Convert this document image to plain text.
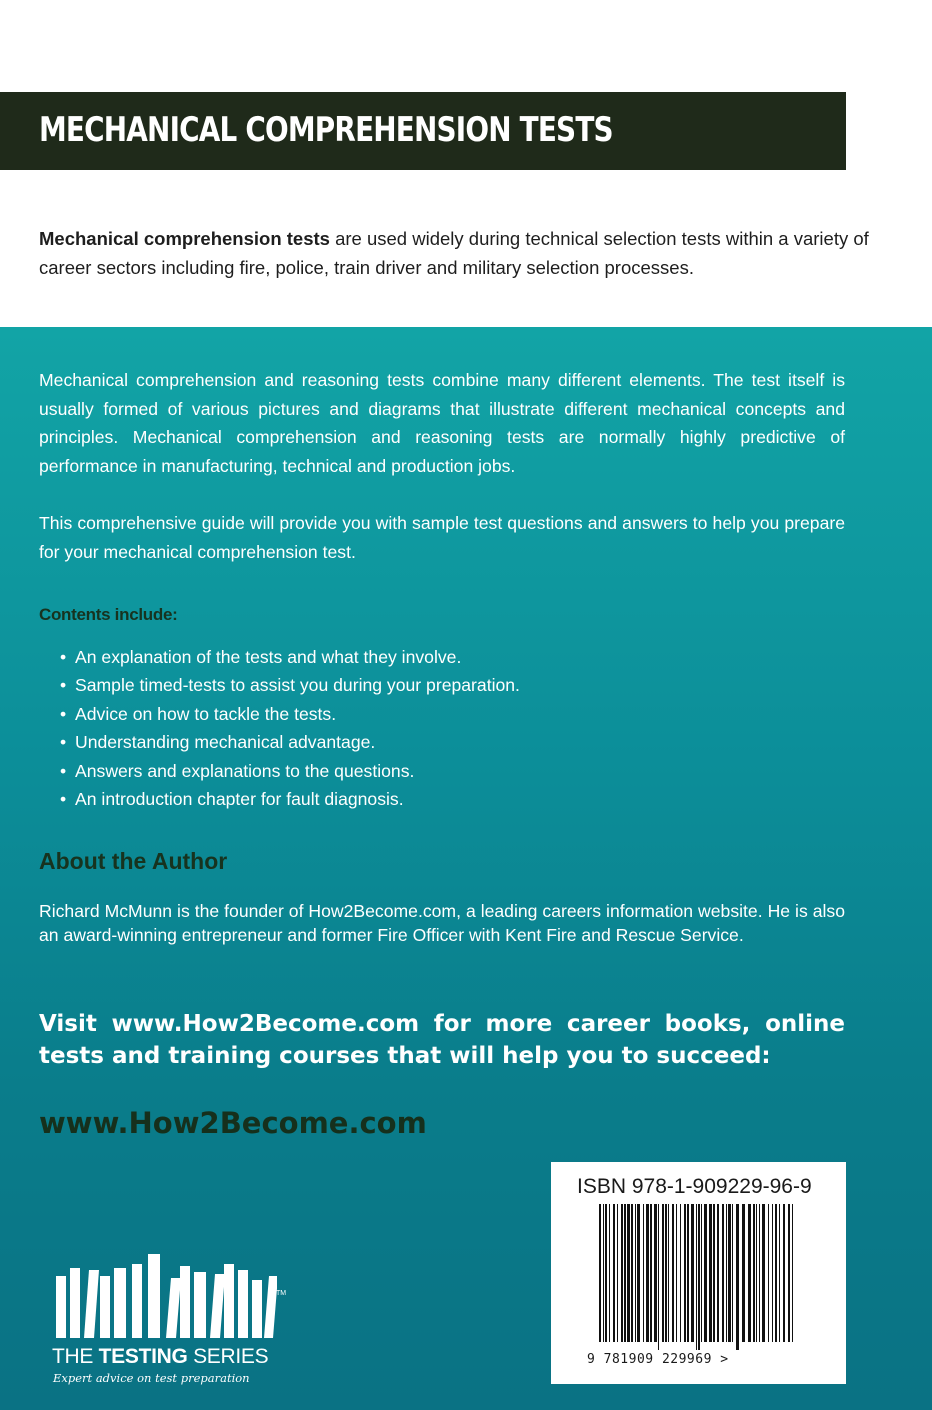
MECHANICAL COMPREHENSION TESTS
Mechanical comprehension tests are used widely during technical selection tests within a variety of career sectors including fire, police, train driver and military selection processes.
Mechanical comprehension and reasoning tests combine many different elements. The test itself is usually formed of various pictures and diagrams that illustrate different mechanical concepts and principles. Mechanical comprehension and reasoning tests are normally highly predictive of performance in manufacturing, technical and production jobs.
This comprehensive guide will provide you with sample test questions and answers to help you prepare for your mechanical comprehension test.
Contents include:
• An explanation of the tests and what they involve.
• Sample timed-tests to assist you during your preparation.
• Advice on how to tackle the tests.
• Understanding mechanical advantage.
• Answers and explanations to the questions.
• An introduction chapter for fault diagnosis.
About the Author
Richard McMunn is the founder of How2Become.com, a leading careers information website. He is also an award-winning entrepreneur and former Fire Officer with Kent Fire and Rescue Service.
Visit www.How2Become.com for more career books, online tests and training courses that will help you to succeed:
www.How2Become.com
ISBN 978-1-909229-96-9
9 781909 229969 >
TM
THE TESTING SERIES
Expert advice on test preparation
